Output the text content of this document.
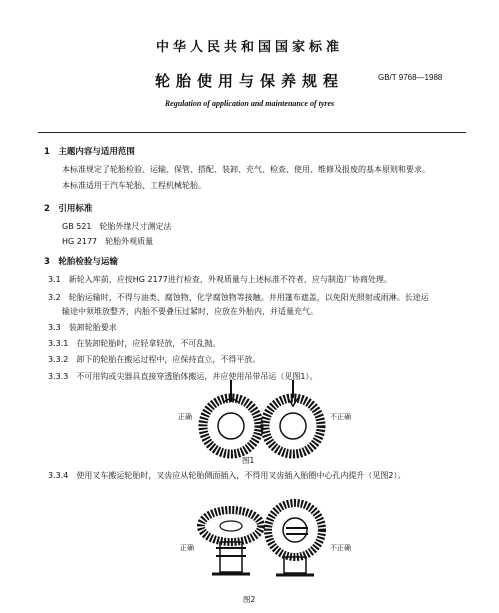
中华人民共和国国家标准
轮胎使用与保养规程	GB/T 9768—1988
Regulation of application and maintenance of tyres
1　主题内容与适用范围
本标准规定了轮胎检验、运输、保管、搭配、装卸、充气、检查、使用、维修及报废的基本原则和要求。
本标准适用于汽车轮胎、工程机械轮胎。
2　引用标准
GB 521　轮胎外缘尺寸测定法
HG 2177　轮胎外观质量
3　轮胎检验与运输
3.1　新轮入库前，应按HG 2177进行检查，外观质量与上述标准不符者，应与制造厂协商处理。
3.2　轮胎运输时，不得与油类、腐蚀物、化学腐蚀物等接触。并用篷布遮盖，以免阳光照射或雨淋。长途运
输途中须堆放整齐，内胎不要叠压过紧时，应放在外胎内，并适量充气。
3.3　装卸轮胎要求
3.3.1　在装卸轮胎时，应轻拿轻放，不可乱抛。
3.3.2　卸下的轮胎在搬运过程中，应保持直立，不得平放。
3.3.3　不可用钩或尖器具直接穿透胎体搬运，并应使用吊带吊运（见图1）。
正确	不正确
图1
3.3.4　使用叉车搬运轮胎时，叉齿应从轮胎侧面插入，不得用叉齿插入胎圈中心孔内提升（见图2）。
正确	不正确
图2
